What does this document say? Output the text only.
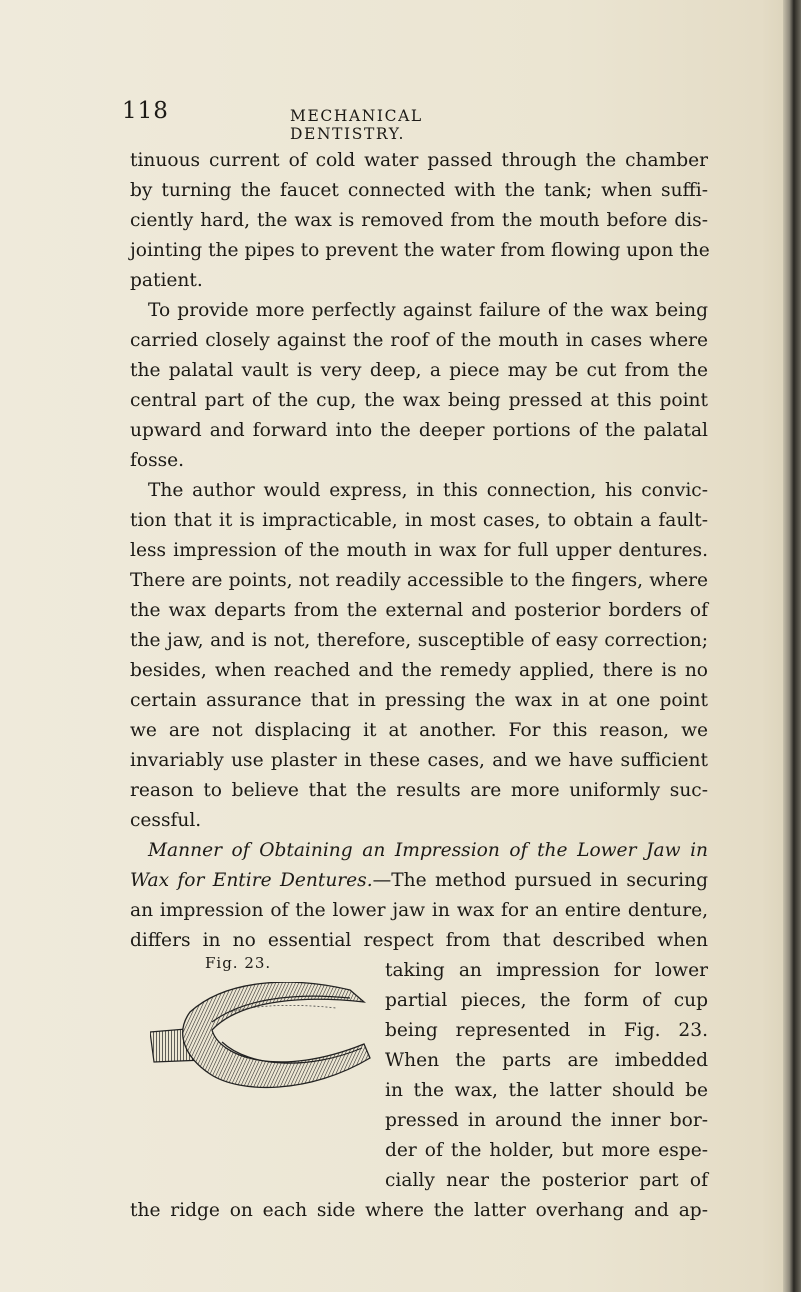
118	MECHANICAL DENTISTRY.
tinuous current of cold water passed through the chamber
by turning the faucet connected with the tank; when suffi-
ciently hard, the wax is removed from the mouth before dis-
jointing the pipes to prevent the water from flowing upon the
patient.
To provide more perfectly against failure of the wax being
carried closely against the roof of the mouth in cases where
the palatal vault is very deep, a piece may be cut from the
central part of the cup, the wax being pressed at this point
upward and forward into the deeper portions of the palatal
fosse.
The author would express, in this connection, his convic-
tion that it is impracticable, in most cases, to obtain a fault-
less impression of the mouth in wax for full upper dentures.
There are points, not readily accessible to the fingers, where
the wax departs from the external and posterior borders of
the jaw, and is not, therefore, susceptible of easy correction;
besides, when reached and the remedy applied, there is no
certain assurance that in pressing the wax in at one point
we are not displacing it at another. For this reason, we
invariably use plaster in these cases, and we have sufficient
reason to believe that the results are more uniformly suc-
cessful.
Manner of Obtaining an Impression of the Lower Jaw in
Wax for Entire Dentures.—The method pursued in securing
an impression of the lower jaw in wax for an entire denture,
differs in no essential respect from that described when
taking an impression for lower
partial pieces, the form of cup
being represented in Fig. 23.
When the parts are imbedded
in the wax, the latter should be
pressed in around the inner bor-
der of the holder, but more espe-
cially near the posterior part of
the ridge on each side where the latter overhang and ap-
Fig. 23.
